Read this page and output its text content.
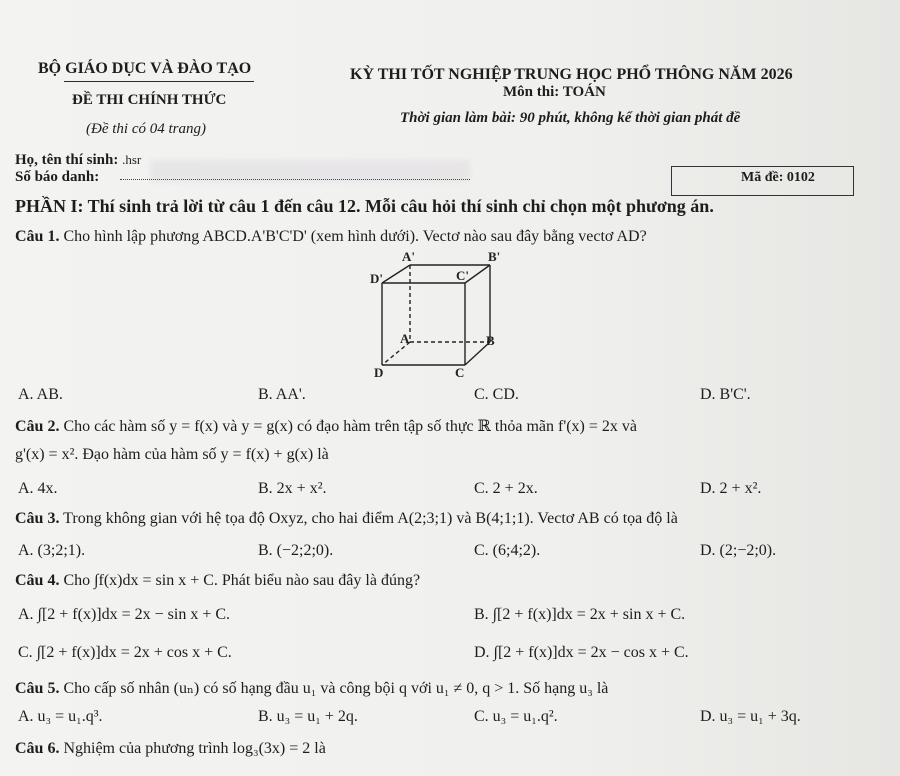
BỘ GIÁO DỤC VÀ ĐÀO TẠO	KỲ THI TỐT NGHIỆP TRUNG HỌC PHỔ THÔNG NĂM 2026
ĐỀ THI CHÍNH THỨC	Môn thi: TOÁN
Thời gian làm bài: 90 phút, không kể thời gian phát đề
(Đề thi có 04 trang)
Họ, tên thí sinh: .hsr
Số báo danh:	Mã đề: 0102
PHẦN I: Thí sinh trả lời từ câu 1 đến câu 12. Mỗi câu hỏi thí sinh chỉ chọn một phương án.
Câu 1. Cho hình lập phương ABCD.A'B'C'D' (xem hình dưới). Vectơ nào sau đây bằng vectơ AD?
A'	B'
D'	C'
A	B
D	C
A. AB.	B. AA'.	C. CD.	D. B'C'.
Câu 2. Cho các hàm số y = f(x) và y = g(x) có đạo hàm trên tập số thực ℝ thỏa mãn f'(x) = 2x và
g'(x) = x². Đạo hàm của hàm số y = f(x) + g(x) là
A. 4x.	B. 2x + x².	C. 2 + 2x.	D. 2 + x².
Câu 3. Trong không gian với hệ tọa độ Oxyz, cho hai điểm A(2;3;1) và B(4;1;1). Vectơ AB có tọa độ là
A. (3;2;1).	B. (−2;2;0).	C. (6;4;2).	D. (2;−2;0).
Câu 4. Cho ∫f(x)dx = sin x + C. Phát biểu nào sau đây là đúng?
A. ∫[2 + f(x)]dx = 2x − sin x + C.	B. ∫[2 + f(x)]dx = 2x + sin x + C.
C. ∫[2 + f(x)]dx = 2x + cos x + C.	D. ∫[2 + f(x)]dx = 2x − cos x + C.
Câu 5. Cho cấp số nhân (uₙ) có số hạng đầu u₁ và công bội q với u₁ ≠ 0, q > 1. Số hạng u₃ là
A. u₃ = u₁.q³.	B. u₃ = u₁ + 2q.	C. u₃ = u₁.q².	D. u₃ = u₁ + 3q.
Câu 6. Nghiệm của phương trình log₃(3x) = 2 là
